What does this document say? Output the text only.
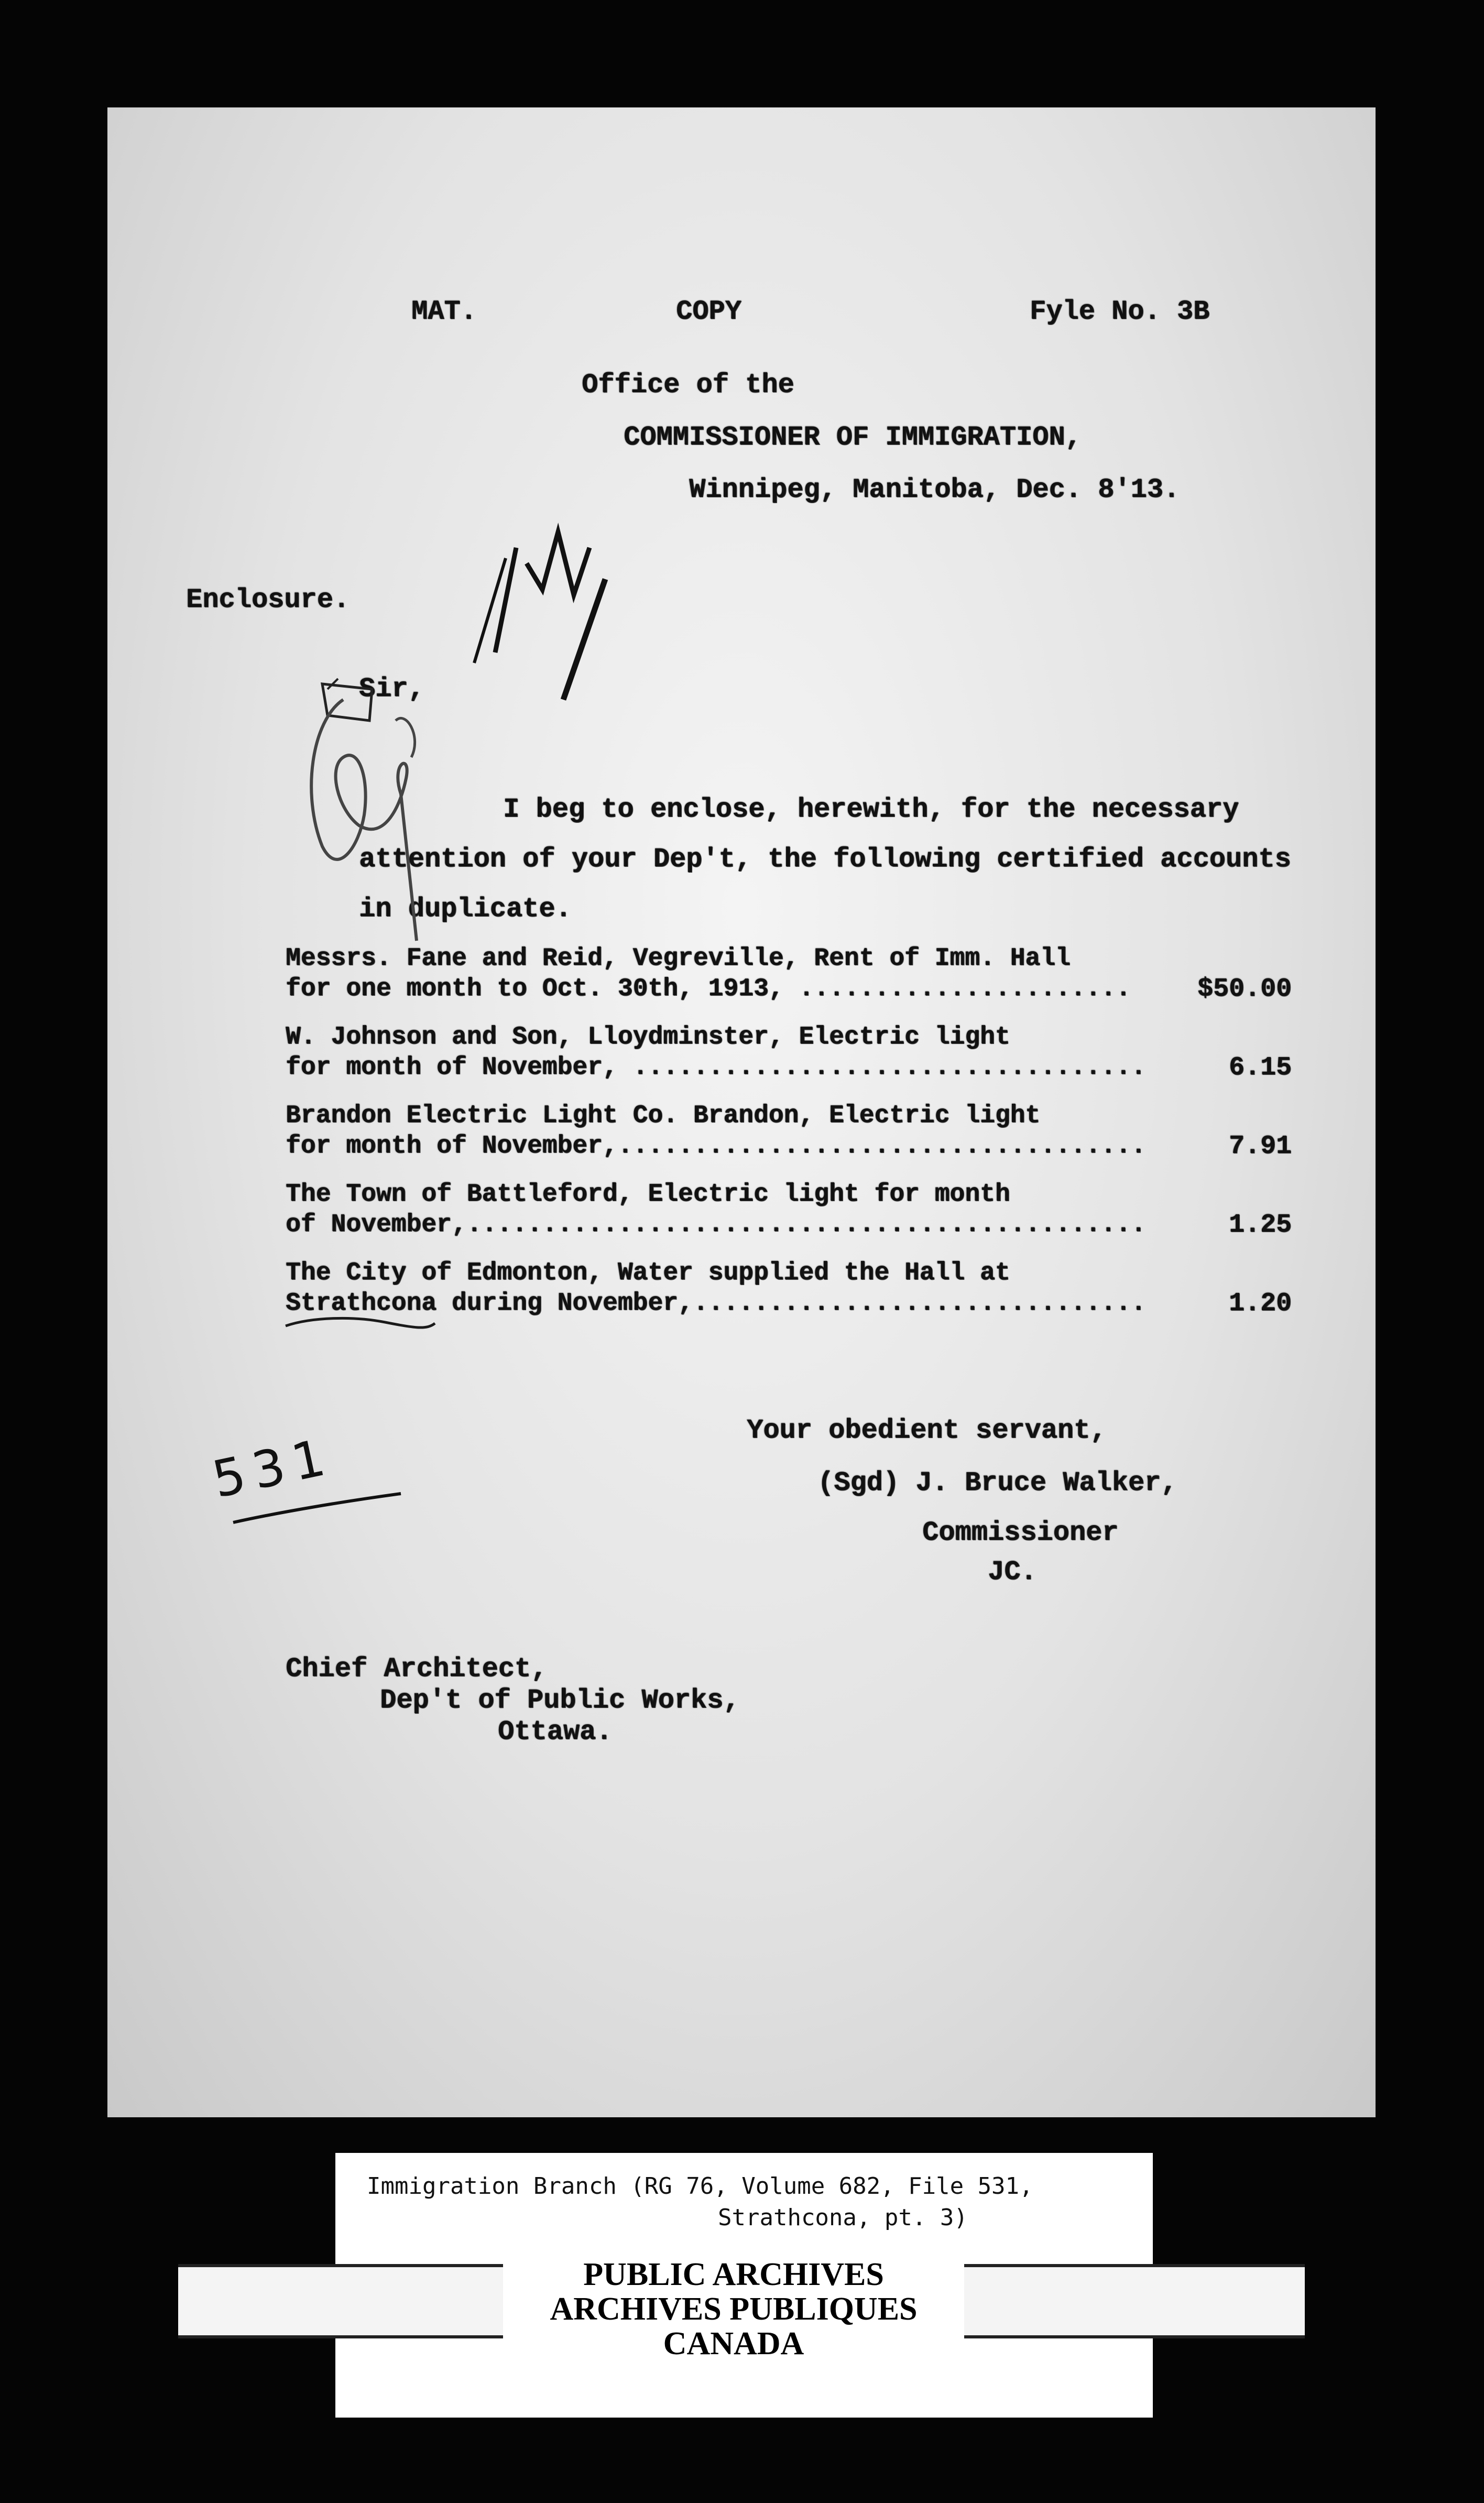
MAT.	COPY	Fyle No. 3B
Office of the
COMMISSIONER OF IMMIGRATION,
Winnipeg, Manitoba, Dec. 8'13.
Enclosure.
Sir,
I beg to enclose, herewith, for the necessary
attention of your Dep't, the following certified accounts
in duplicate.
Messrs. Fane and Reid, Vegreville, Rent of Imm. Hall
for one month to Oct. 30th, 1913, ......................	$50.00
W. Johnson and Son, Lloydminster, Electric light
for month of November, ..................................	6.15
Brandon Electric Light Co. Brandon, Electric light
for month of November,...................................	7.91
The Town of Battleford, Electric light for month
of November,.............................................	1.25
The City of Edmonton, Water supplied the Hall at
Strathcona during November,..............................	1.20
Your obedient servant,
(Sgd) J. Bruce Walker,
Commissioner
JC.
Chief Architect,
Dep't of Public Works,
Ottawa.
531
Immigration Branch (RG 76, Volume 682, File 531,
Strathcona, pt. 3)
PUBLIC ARCHIVES
ARCHIVES PUBLIQUES
CANADA
